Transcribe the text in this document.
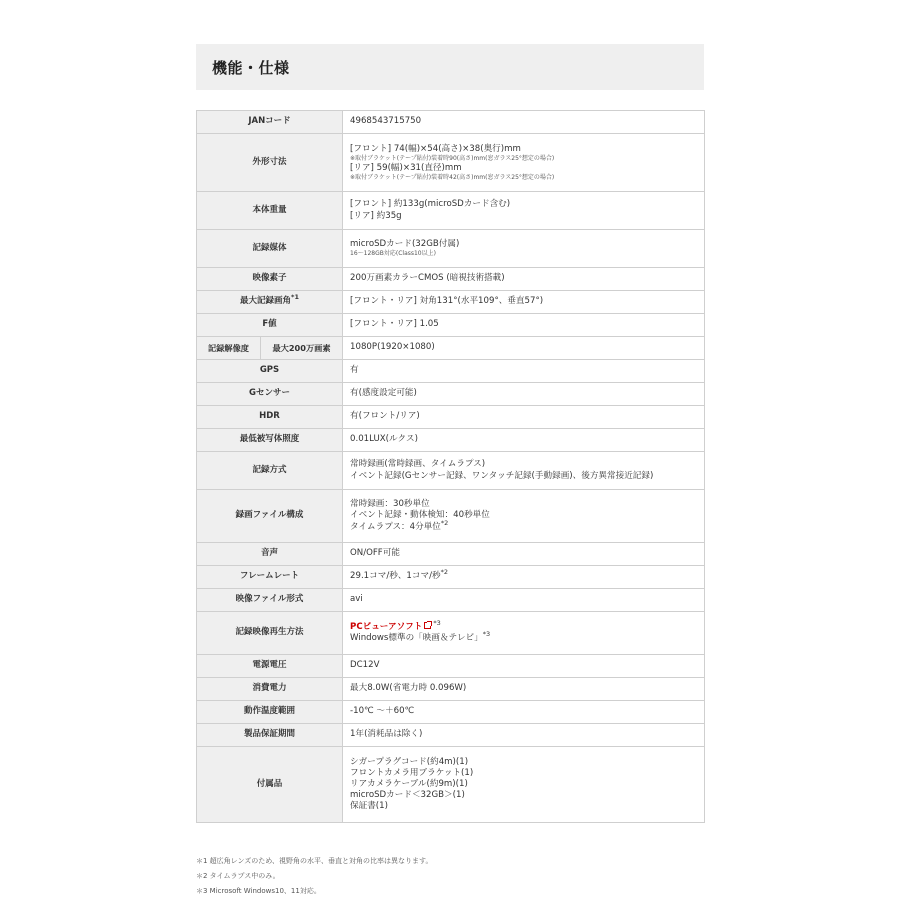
機能・仕様
JANコード		4968543715750

外形寸法		[フロント] 74(幅)×54(高さ)×38(奥行)mm
※取付ブラケット(テープ貼付)装着時90(高さ)mm(窓ガラス25°想定の場合)
[リア] 59(幅)×31(直径)mm
※取付ブラケット(テープ貼付)装着時42(高さ)mm(窓ガラス25°想定の場合)

本体重量		[フロント] 約133g(microSDカード含む)
[リア] 約35g

記録媒体		microSDカード(32GB付属)
16〜128GB対応(Class10以上)

映像素子		200万画素カラーCMOS (暗視技術搭載)

最大記録画角$^{*1}$		[フロント・リア] 対角131°(水平109°、垂直57°)

F値		[フロント・リア] 1.05

記録解像度	最大200万画素	1080P(1920×1080)

GPS		有

Gセンサー		有(感度設定可能)

HDR		有(フロント/リア)

最低被写体照度		0.01LUX(ルクス)

記録方式		常時録画(常時録画、タイムラプス)
イベント記録(Gセンサー記録、ワンタッチ記録(手動録画)、後方異常接近記録)

録画ファイル構成		常時録画：30秒単位
イベント記録・動体検知：40秒単位
タイムラプス：4分単位$^{*2}$

音声		ON/OFF可能

フレームレート		29.1コマ/秒、1コマ/秒$^{*2}$

映像ファイル形式		avi

記録映像再生方法		PCビューアソフト $^{*3}$
Windows標準の「映画＆テレビ」$^{*3}$

電源電圧		DC12V

消費電力		最大8.0W(省電力時 0.096W)

動作温度範囲		-10℃ ～＋60℃

製品保証期間		1年(消耗品は除く)

付属品		シガープラグコード(約4m)(1)
フロントカメラ用ブラケット(1)
リアカメラケーブル(約9m)(1)
microSDカード＜32GB＞(1)
保証書(1)
＊1 超広角レンズのため、視野角の水平、垂直と対角の比率は異なります。
＊2 タイムラプス中のみ。
＊3 Microsoft Windows10、11対応。
